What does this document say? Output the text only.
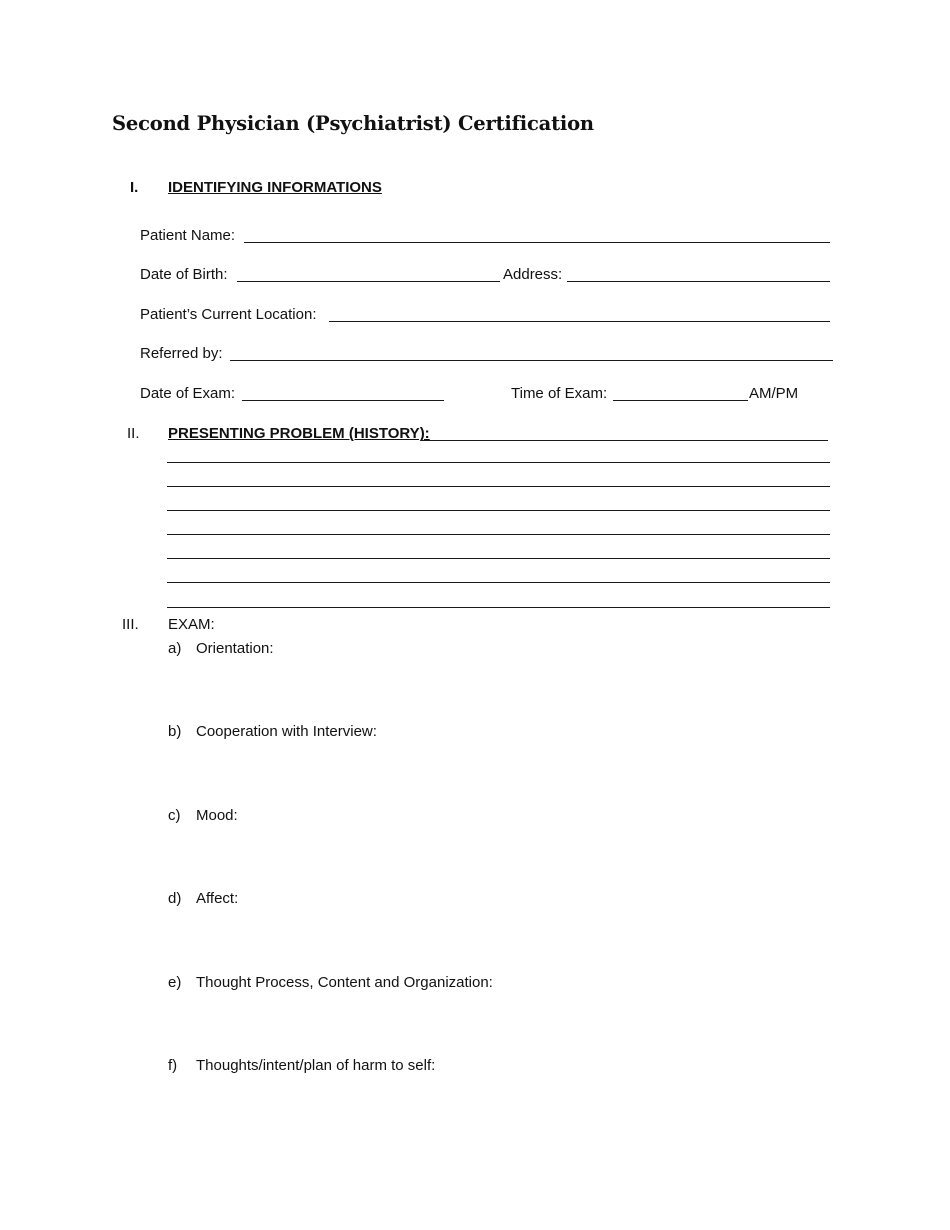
Second Physician (Psychiatrist) Certification
I. IDENTIFYING INFORMATIONS
Patient Name:
Date of Birth:	Address:
Patient’s Current Location:
Referred by:
Date of Exam:	Time of Exam:	AM/PM
II. PRESENTING PROBLEM (HISTORY):
III. EXAM:
a) Orientation:
b) Cooperation with Interview:
c) Mood:
d) Affect:
e) Thought Process, Content and Organization:
f) Thoughts/intent/plan of harm to self:
